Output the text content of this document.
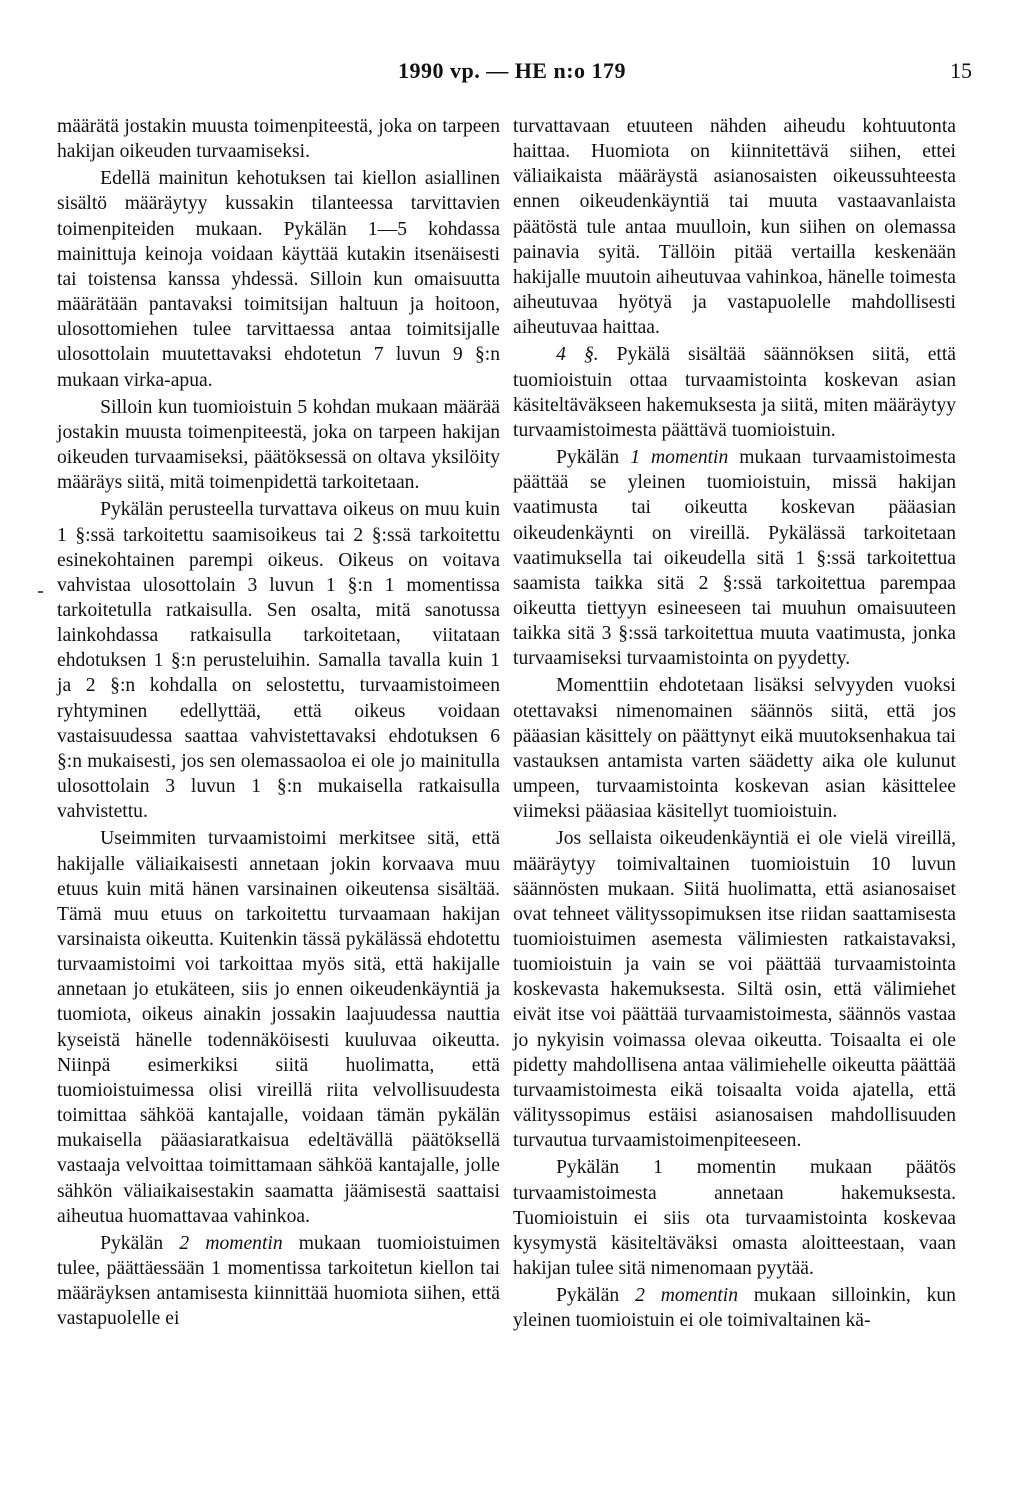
1990 vp. — HE n:o 179	15

määrätä jostakin muusta toimenpiteestä, joka on tarpeen hakijan oikeuden turvaamiseksi.

Edellä mainitun kehotuksen tai kiellon asiallinen sisältö määräytyy kussakin tilanteessa tarvittavien toimenpiteiden mukaan. Pykälän 1—5 kohdassa mainittuja keinoja voidaan käyttää kutakin itsenäisesti tai toistensa kanssa yhdessä. Silloin kun omaisuutta määrätään pantavaksi toimitsijan haltuun ja hoitoon, ulosottomiehen tulee tarvittaessa antaa toimitsijalle ulosottolain muutettavaksi ehdotetun 7 luvun 9 §:n mukaan virka-apua.

Silloin kun tuomioistuin 5 kohdan mukaan määrää jostakin muusta toimenpiteestä, joka on tarpeen hakijan oikeuden turvaamiseksi, päätöksessä on oltava yksilöity määräys siitä, mitä toimenpidettä tarkoitetaan.

Pykälän perusteella turvattava oikeus on muu kuin 1 §:ssä tarkoitettu saamisoikeus tai 2 §:ssä tarkoitettu esinekohtainen parempi oikeus. Oikeus on voitava vahvistaa ulosottolain 3 luvun 1 §:n 1 momentissa tarkoitetulla ratkaisulla. Sen osalta, mitä sanotussa lainkohdassa ratkaisulla tarkoitetaan, viitataan ehdotuksen 1 §:n perusteluihin. Samalla tavalla kuin 1 ja 2 §:n kohdalla on selostettu, turvaamistoimeen ryhtyminen edellyttää, että oikeus voidaan vastaisuudessa saattaa vahvistettavaksi ehdotuksen 6 §:n mukaisesti, jos sen olemassaoloa ei ole jo mainitulla ulosottolain 3 luvun 1 §:n mukaisella ratkaisulla vahvistettu.

Useimmiten turvaamistoimi merkitsee sitä, että hakijalle väliaikaisesti annetaan jokin korvaava muu etuus kuin mitä hänen varsinainen oikeutensa sisältää. Tämä muu etuus on tarkoitettu turvaamaan hakijan varsinaista oikeutta. Kuitenkin tässä pykälässä ehdotettu turvaamistoimi voi tarkoittaa myös sitä, että hakijalle annetaan jo etukäteen, siis jo ennen oikeudenkäyntiä ja tuomiota, oikeus ainakin jossakin laajuudessa nauttia kyseistä hänelle todennäköisesti kuuluvaa oikeutta. Niinpä esimerkiksi siitä huolimatta, että tuomioistuimessa olisi vireillä riita velvollisuudesta toimittaa sähköä kantajalle, voidaan tämän pykälän mukaisella pääasiaratkaisua edeltävällä päätöksellä vastaaja velvoittaa toimittamaan sähköä kantajalle, jolle sähkön väliaikaisestakin saamatta jäämisestä saattaisi aiheutua huomattavaa vahinkoa.

Pykälän 2 momentin mukaan tuomioistuimen tulee, päättäessään 1 momentissa tarkoitetun kiellon tai määräyksen antamisesta kiinnittää huomiota siihen, että vastapuolelle ei

turvattavaan etuuteen nähden aiheudu kohtuutonta haittaa. Huomiota on kiinnitettävä siihen, ettei väliaikaista määräystä asianosaisten oikeussuhteesta ennen oikeudenkäyntiä tai muuta vastaavanlaista päätöstä tule antaa muulloin, kun siihen on olemassa painavia syitä. Tällöin pitää vertailla keskenään hakijalle muutoin aiheutuvaa vahinkoa, hänelle toimesta aiheutuvaa hyötyä ja vastapuolelle mahdollisesti aiheutuvaa haittaa.

4 §. Pykälä sisältää säännöksen siitä, että tuomioistuin ottaa turvaamistointa koskevan asian käsiteltäväkseen hakemuksesta ja siitä, miten määräytyy turvaamistoimesta päättävä tuomioistuin.

Pykälän 1 momentin mukaan turvaamistoimesta päättää se yleinen tuomioistuin, missä hakijan vaatimusta tai oikeutta koskevan pääasian oikeudenkäynti on vireillä. Pykälässä tarkoitetaan vaatimuksella tai oikeudella sitä 1 §:ssä tarkoitettua saamista taikka sitä 2 §:ssä tarkoitettua parempaa oikeutta tiettyyn esineeseen tai muuhun omaisuuteen taikka sitä 3 §:ssä tarkoitettua muuta vaatimusta, jonka turvaamiseksi turvaamistointa on pyydetty.

Momenttiin ehdotetaan lisäksi selvyyden vuoksi otettavaksi nimenomainen säännös siitä, että jos pääasian käsittely on päättynyt eikä muutoksenhakua tai vastauksen antamista varten säädetty aika ole kulunut umpeen, turvaamistointa koskevan asian käsittelee viimeksi pääasiaa käsitellyt tuomioistuin.

Jos sellaista oikeudenkäyntiä ei ole vielä vireillä, määräytyy toimivaltainen tuomioistuin 10 luvun säännösten mukaan. Siitä huolimatta, että asianosaiset ovat tehneet välityssopimuksen itse riidan saattamisesta tuomioistuimen asemesta välimiesten ratkaistavaksi, tuomioistuin ja vain se voi päättää turvaamistointa koskevasta hakemuksesta. Siltä osin, että välimiehet eivät itse voi päättää turvaamistoimesta, säännös vastaa jo nykyisin voimassa olevaa oikeutta. Toisaalta ei ole pidetty mahdollisena antaa välimiehelle oikeutta päättää turvaamistoimesta eikä toisaalta voida ajatella, että välityssopimus estäisi asianosaisen mahdollisuuden turvautua turvaamistoimenpiteeseen.

Pykälän 1 momentin mukaan päätös turvaamistoimesta annetaan hakemuksesta. Tuomioistuin ei siis ota turvaamistointa koskevaa kysymystä käsiteltäväksi omasta aloitteestaan, vaan hakijan tulee sitä nimenomaan pyytää.

Pykälän 2 momentin mukaan silloinkin, kun yleinen tuomioistuin ei ole toimivaltainen kä-
